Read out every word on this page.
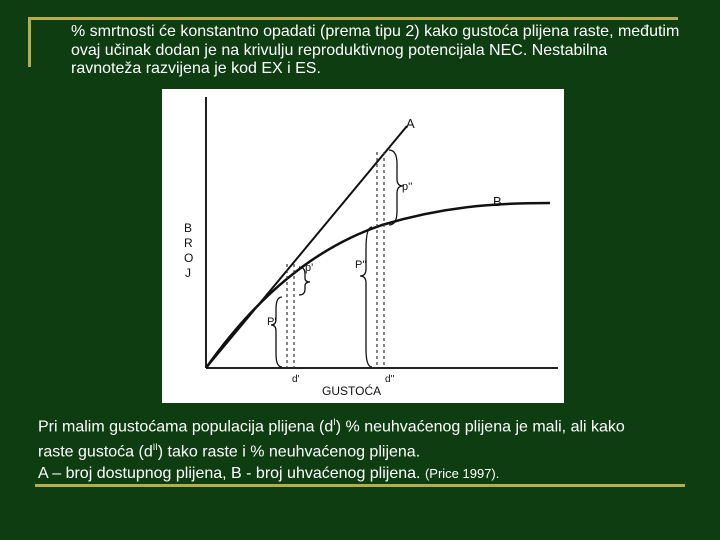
% smrtnosti će konstantno opadati (prema tipu 2) kako gustoća plijena raste, međutim ovaj učinak dodan je na krivulju reproduktivnog potencijala NEC. Nestabilna ravnoteža razvijena je kod EX i ES.

A
B
p'
P'
p''
P''
d'	d''
GUSTOĆA
B
R
O
J
Pri malim gustoćama populacija plijena $(d^I)$ % neuhvaćenog plijena je mali, ali kako
raste gustoća $(d^{II})$ tako raste i % neuhvaćenog plijena.
A – broj dostupnog plijena, B - broj uhvaćenog plijena. (Price 1997).
